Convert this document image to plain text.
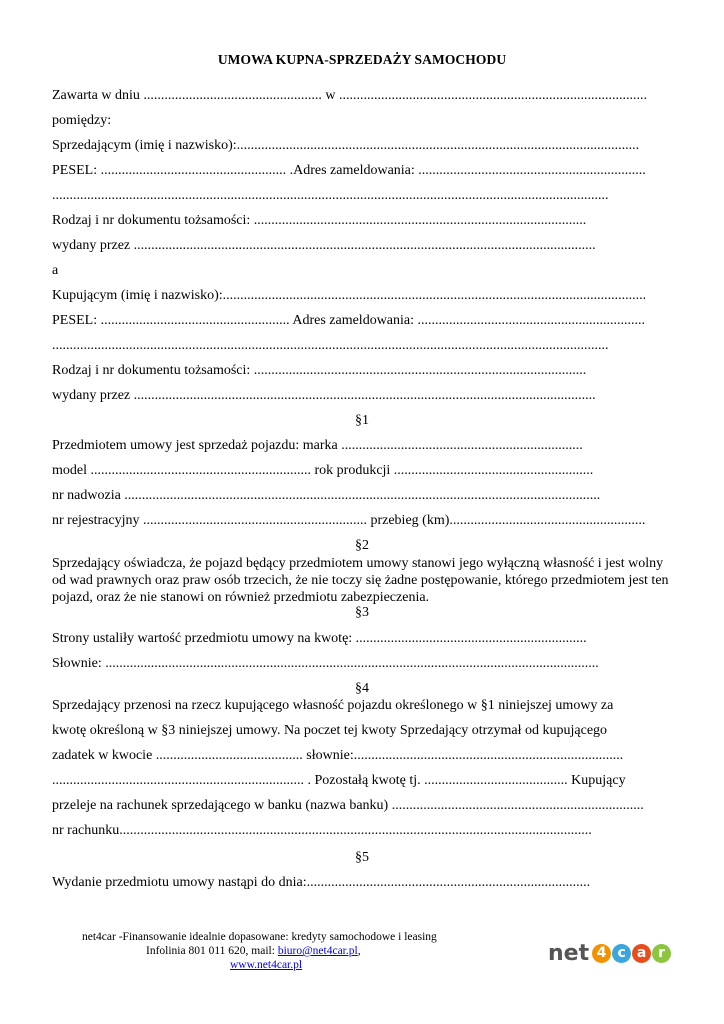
UMOWA KUPNA-SPRZEDAŻY SAMOCHODU
Zawarta w dniu ................................................... w ........................................................................................
pomiędzy:
Sprzedającym (imię i nazwisko):...................................................................................................................
PESEL: ..................................................... .Adres zameldowania: .................................................................
...............................................................................................................................................................
Rodzaj i nr dokumentu tożsamości: ...............................................................................................
wydany przez ....................................................................................................................................
a
Kupującym (imię i nazwisko):.........................................................................................................................
PESEL: ...................................................... Adres zameldowania: .................................................................
...............................................................................................................................................................
Rodzaj i nr dokumentu tożsamości: ...............................................................................................
wydany przez ....................................................................................................................................
§1
Przedmiotem umowy jest sprzedaż pojazdu: marka .....................................................................
model ............................................................... rok produkcji .........................................................
nr nadwozia ........................................................................................................................................
nr rejestracyjny ................................................................ przebieg (km)........................................................
§2
Sprzedający oświadcza, że pojazd będący przedmiotem umowy stanowi jego wyłączną własność i jest wolny od wad prawnych oraz praw osób trzecich, że nie toczy się żadne postępowanie, którego przedmiotem jest ten pojazd, oraz że nie stanowi on również przedmiotu zabezpieczenia.
§3
Strony ustaliły wartość przedmiotu umowy na kwotę: ..................................................................
Słownie: .............................................................................................................................................
§4
Sprzedający przenosi na rzecz kupującego własność pojazdu określonego w §1 niniejszej umowy za
kwotę określoną w §3 niniejszej umowy. Na poczet tej kwoty Sprzedający otrzymał od kupującego
zadatek w kwocie .......................................... słownie:.............................................................................
........................................................................ . Pozostałą kwotę tj. ......................................... Kupujący
przeleje na rachunek sprzedającego w banku (nazwa banku) ........................................................................
nr rachunku.......................................................................................................................................
§5
Wydanie przedmiotu umowy nastąpi do dnia:.................................................................................
net4car -Finansowanie idealnie dopasowane: kredyty samochodowe i leasing
Infolinia 801 011 620, mail: biuro@net4car.pl,
www.net4car.pl	net 4 c a r
